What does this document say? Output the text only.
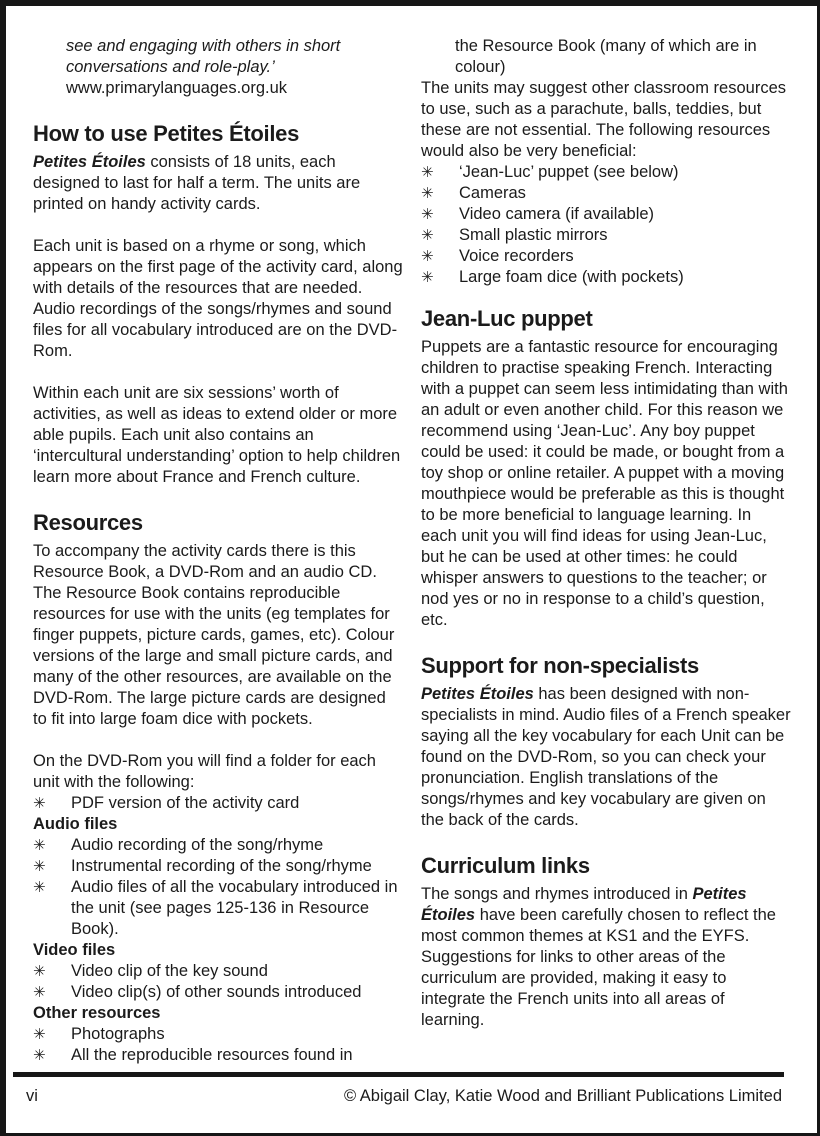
see and engaging with others in short conversations and role-play.’
www.primarylanguages.org.uk
How to use Petites Étoiles

Petites Étoiles consists of 18 units, each designed to last for half a term. The units are printed on handy activity cards.

Each unit is based on a rhyme or song, which appears on the first page of the activity card, along with details of the resources that are needed. Audio recordings of the songs/rhymes and sound files for all vocabulary introduced are on the DVD-Rom.

Within each unit are six sessions’ worth of activities, as well as ideas to extend older or more able pupils. Each unit also contains an ‘intercultural understanding’ option to help children learn more about France and French culture.

Resources

To accompany the activity cards there is this Resource Book, a DVD-Rom and an audio CD. The Resource Book contains reproducible resources for use with the units (eg templates for finger puppets, picture cards, games, etc). Colour versions of the large and small picture cards, and many of the other resources, are available on the DVD-Rom. The large picture cards are designed to fit into large foam dice with pockets.

On the DVD-Rom you will find a folder for each unit with the following:

✳	PDF version of the activity card
Audio files
✳	Audio recording of the song/rhyme
✳	Instrumental recording of the song/rhyme
✳	Audio files of all the vocabulary introduced in the unit (see pages 125-136 in Resource Book).
Video files
✳	Video clip of the key sound
✳	Video clip(s) of other sounds introduced
Other resources
✳	Photographs
✳	All the reproducible resources found in
the Resource Book (many of which are in colour)

The units may suggest other classroom resources to use, such as a parachute, balls, teddies, but these are not essential. The following resources would also be very beneficial:

✳	‘Jean-Luc’ puppet (see below)
✳	Cameras
✳	Video camera (if available)
✳	Small plastic mirrors
✳	Voice recorders
✳	Large foam dice (with pockets)
Jean-Luc puppet

Puppets are a fantastic resource for encouraging children to practise speaking French. Interacting with a puppet can seem less intimidating than with an adult or even another child. For this reason we recommend using ‘Jean-Luc’. Any boy puppet could be used: it could be made, or bought from a toy shop or online retailer. A puppet with a moving mouthpiece would be preferable as this is thought to be more beneficial to language learning. In each unit you will find ideas for using Jean-Luc, but he can be used at other times: he could whisper answers to questions to the teacher; or nod yes or no in response to a child’s question, etc.

Support for non-specialists

Petites Étoiles has been designed with non-specialists in mind. Audio files of a French speaker saying all the key vocabulary for each Unit can be found on the DVD-Rom, so you can check your pronunciation. English translations of the songs/rhymes and key vocabulary are given on the back of the cards.

Curriculum links

The songs and rhymes introduced in Petites Étoiles have been carefully chosen to reflect the most common themes at KS1 and the EYFS. Suggestions for links to other areas of the curriculum are provided, making it easy to integrate the French units into all areas of learning.

vi	© Abigail Clay, Katie Wood and Brilliant Publications Limited
